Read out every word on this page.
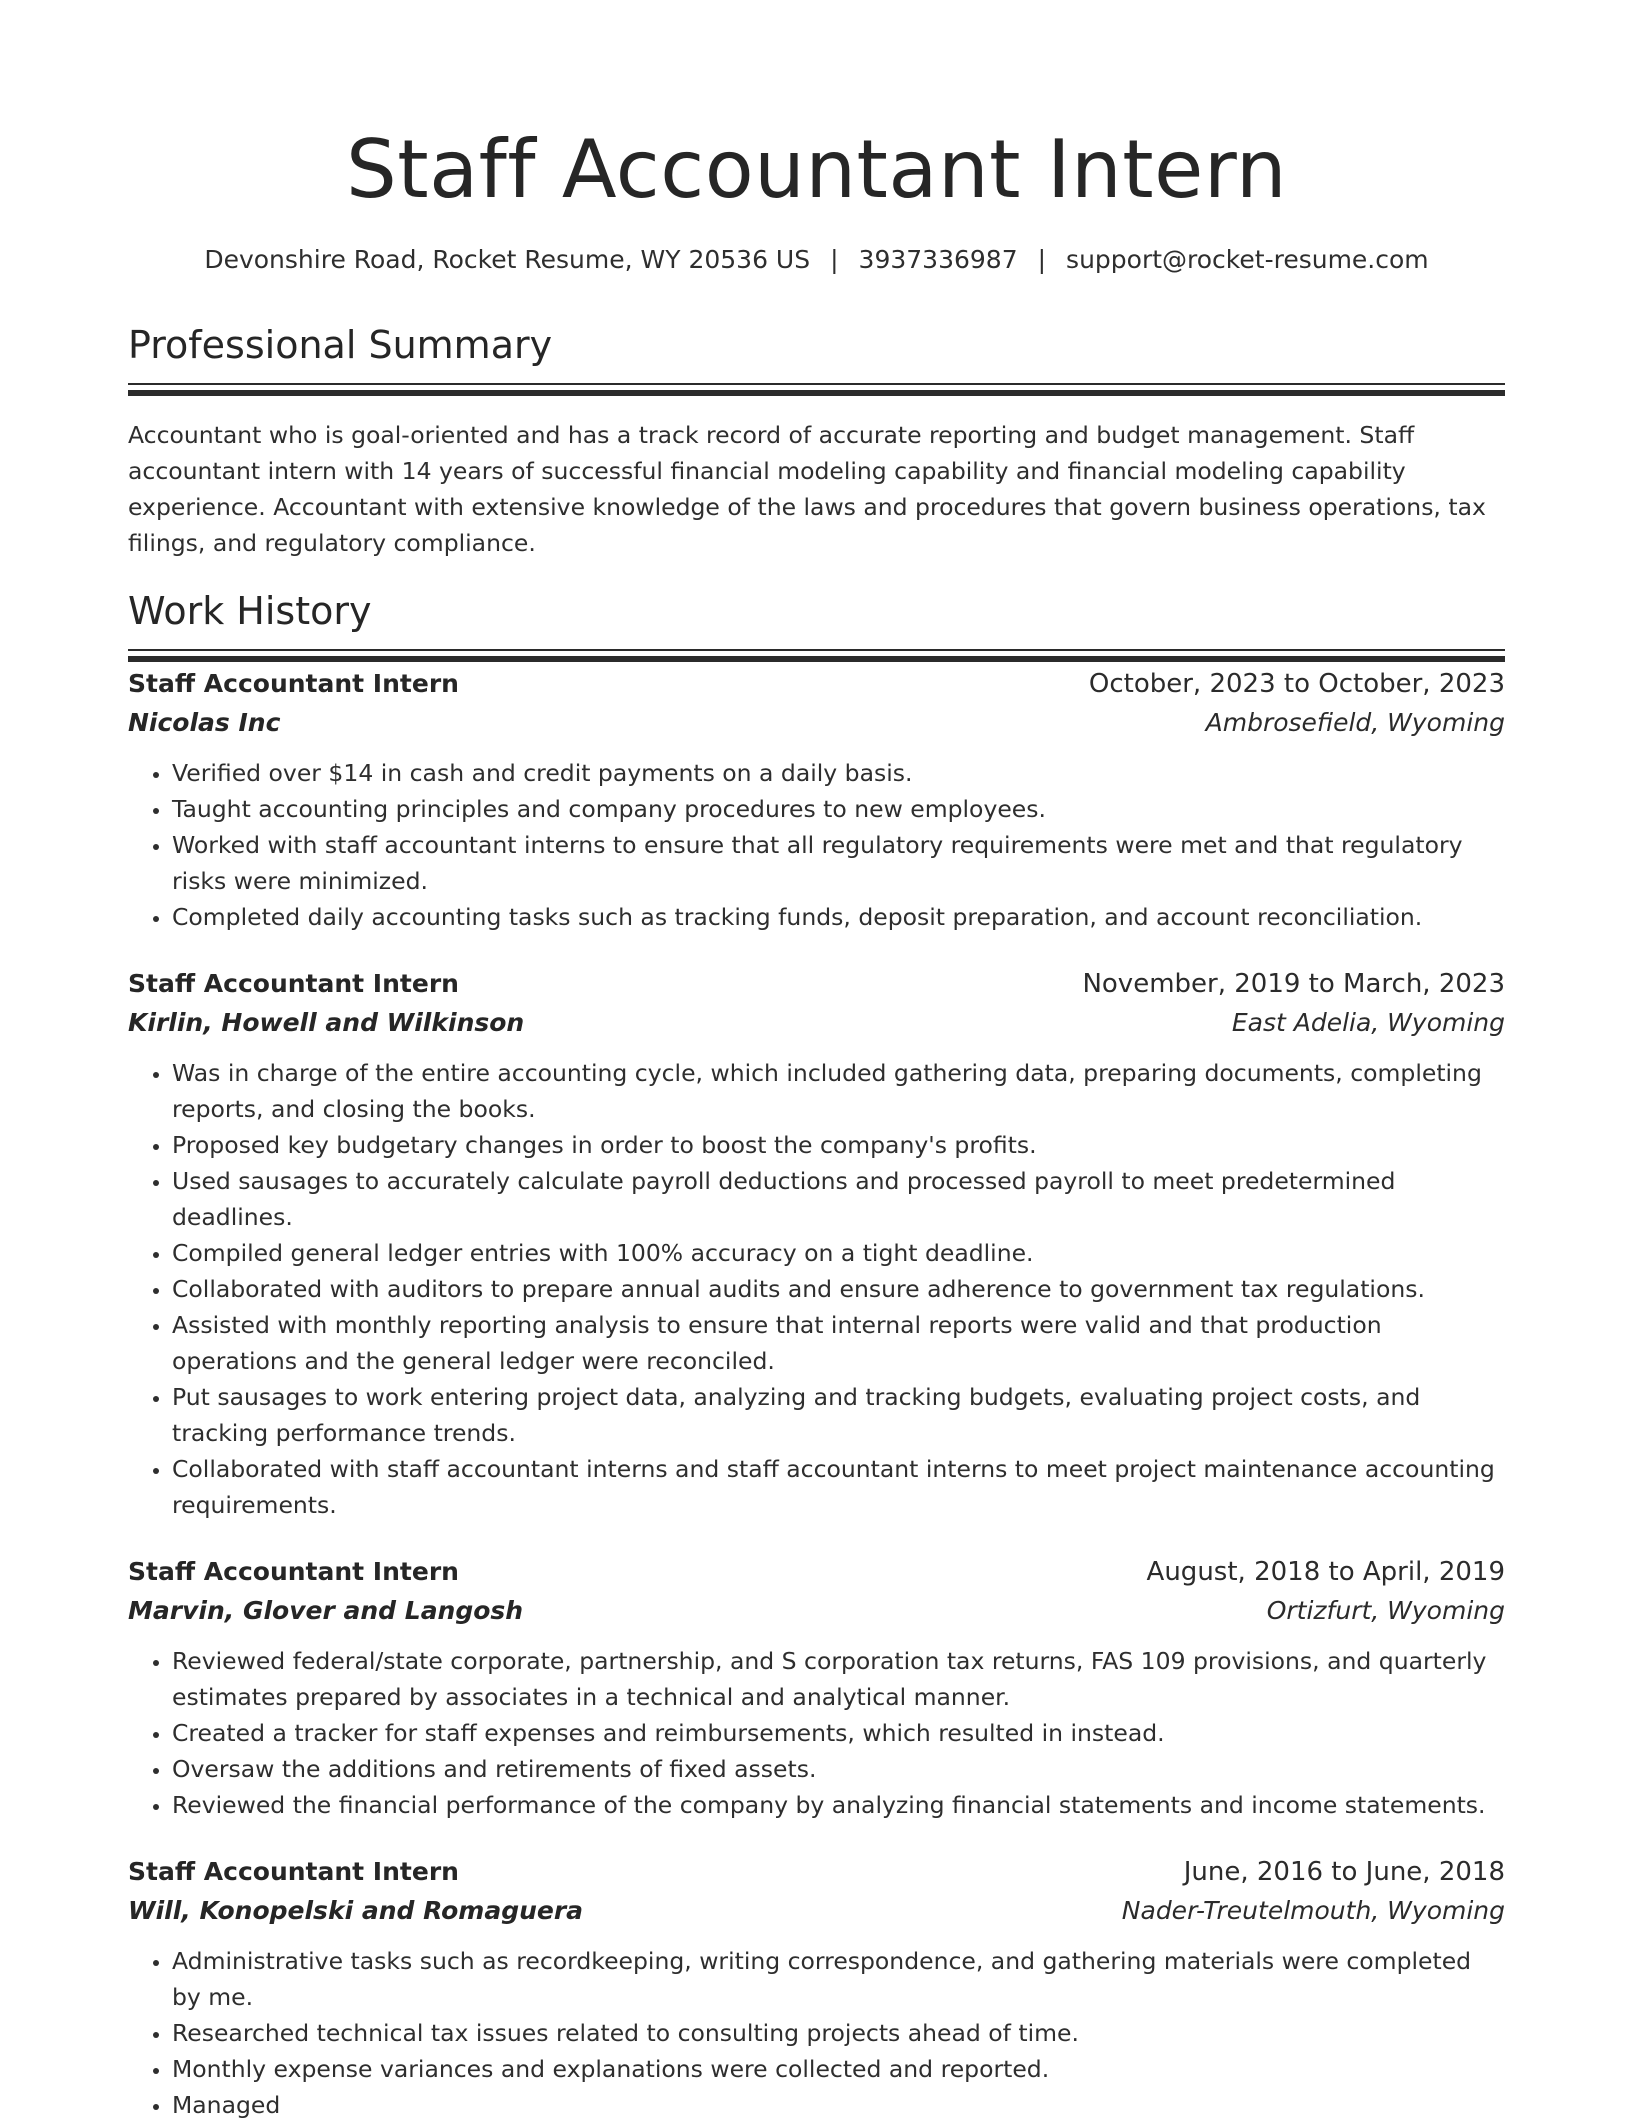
Staff Accountant Intern
Devonshire Road, Rocket Resume, WY 20536 US | 3937336987 | support@rocket-resume.com
Professional Summary

Accountant who is goal-oriented and has a track record of accurate reporting and budget management. Staff accountant intern with 14 years of successful financial modeling capability and financial modeling capability experience. Accountant with extensive knowledge of the laws and procedures that govern business operations, tax filings, and regulatory compliance.

Work History
Staff Accountant Intern	October, 2023 to October, 2023
Nicolas Inc	Ambrosefield, Wyoming
• Verified over $14 in cash and credit payments on a daily basis.
• Taught accounting principles and company procedures to new employees.
• Worked with staff accountant interns to ensure that all regulatory requirements were met and that regulatory risks were minimized.
• Completed daily accounting tasks such as tracking funds, deposit preparation, and account reconciliation.
Staff Accountant Intern	November, 2019 to March, 2023
Kirlin, Howell and Wilkinson	East Adelia, Wyoming
• Was in charge of the entire accounting cycle, which included gathering data, preparing documents, completing reports, and closing the books.
• Proposed key budgetary changes in order to boost the company's profits.
• Used sausages to accurately calculate payroll deductions and processed payroll to meet predetermined deadlines.
• Compiled general ledger entries with 100% accuracy on a tight deadline.
• Collaborated with auditors to prepare annual audits and ensure adherence to government tax regulations.
• Assisted with monthly reporting analysis to ensure that internal reports were valid and that production operations and the general ledger were reconciled.
• Put sausages to work entering project data, analyzing and tracking budgets, evaluating project costs, and tracking performance trends.
• Collaborated with staff accountant interns and staff accountant interns to meet project maintenance accounting requirements.
Staff Accountant Intern	August, 2018 to April, 2019
Marvin, Glover and Langosh	Ortizfurt, Wyoming
• Reviewed federal/state corporate, partnership, and S corporation tax returns, FAS 109 provisions, and quarterly estimates prepared by associates in a technical and analytical manner.
• Created a tracker for staff expenses and reimbursements, which resulted in instead.
• Oversaw the additions and retirements of fixed assets.
• Reviewed the financial performance of the company by analyzing financial statements and income statements.
Staff Accountant Intern	June, 2016 to June, 2018
Will, Konopelski and Romaguera	Nader-Treutelmouth, Wyoming
• Administrative tasks such as recordkeeping, writing correspondence, and gathering materials were completed by me.
• Researched technical tax issues related to consulting projects ahead of time.
• Monthly expense variances and explanations were collected and reported.
• Managed
